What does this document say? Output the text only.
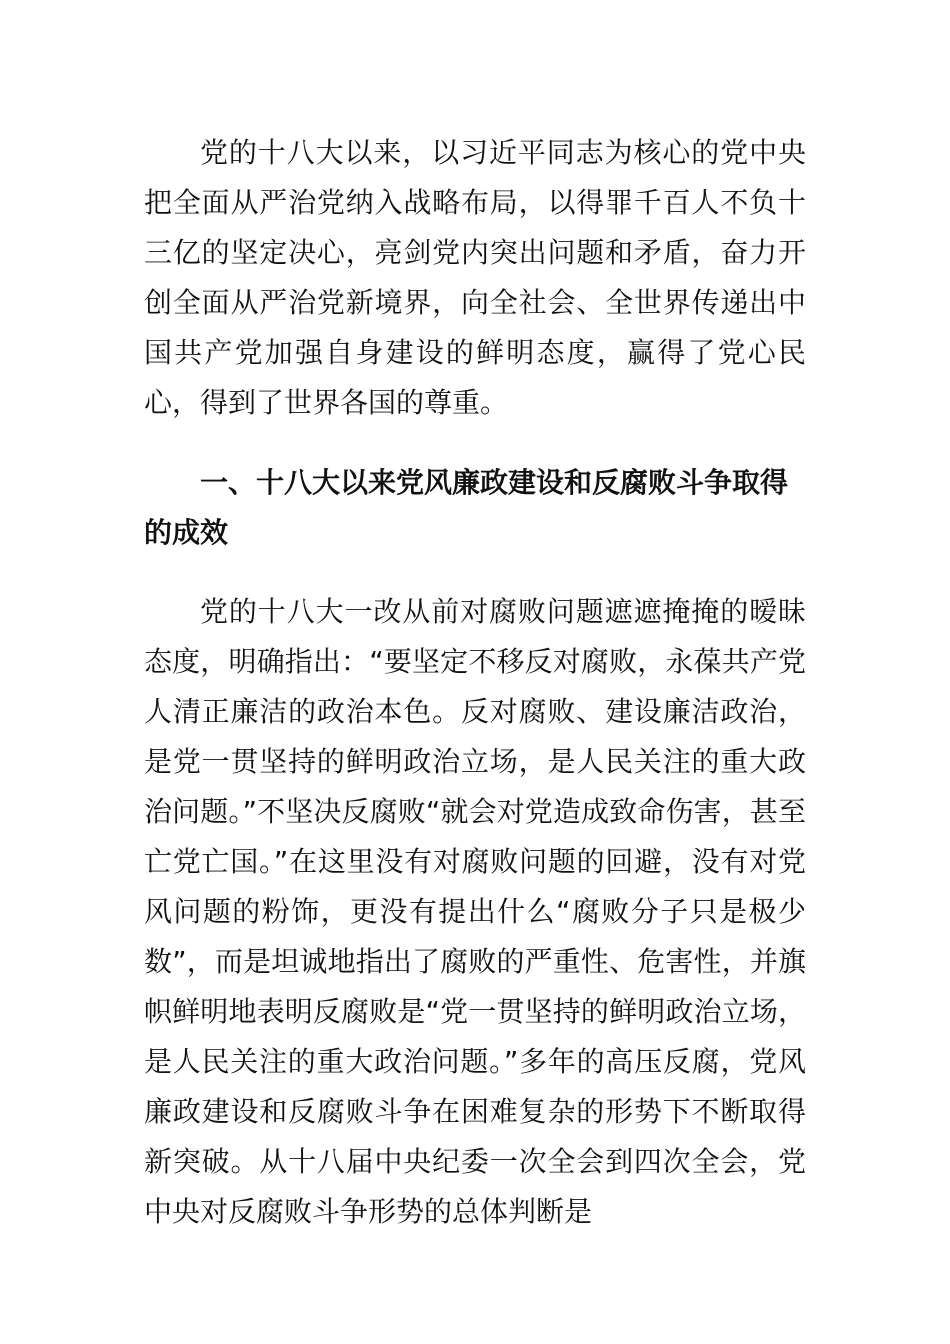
党的十八大以来，以习近平同志为核心的党中央把全面从严治党纳入战略布局，以得罪千百人不负十三亿的坚定决心，亮剑党内突出问题和矛盾，奋力开创全面从严治党新境界，向全社会、全世界传递出中国共产党加强自身建设的鲜明态度，赢得了党心民心，得到了世界各国的尊重。

一、十八大以来党风廉政建设和反腐败斗争取得的成效

党的十八大一改从前对腐败问题遮遮掩掩的暧昧态度，明确指出：“要坚定不移反对腐败，永葆共产党人清正廉洁的政治本色。反对腐败、建设廉洁政治，是党一贯坚持的鲜明政治立场，是人民关注的重大政治问题。”不坚决反腐败“就会对党造成致命伤害，甚至亡党亡国。”在这里没有对腐败问题的回避，没有对党风问题的粉饰，更没有提出什么“腐败分子只是极少数”，而是坦诚地指出了腐败的严重性、危害性，并旗帜鲜明地表明反腐败是“党一贯坚持的鲜明政治立场，是人民关注的重大政治问题。”多年的高压反腐，党风廉政建设和反腐败斗争在困难复杂的形势下不断取得新突破。从十八届中央纪委一次全会到四次全会，党中央对反腐败斗争形势的总体判断是
